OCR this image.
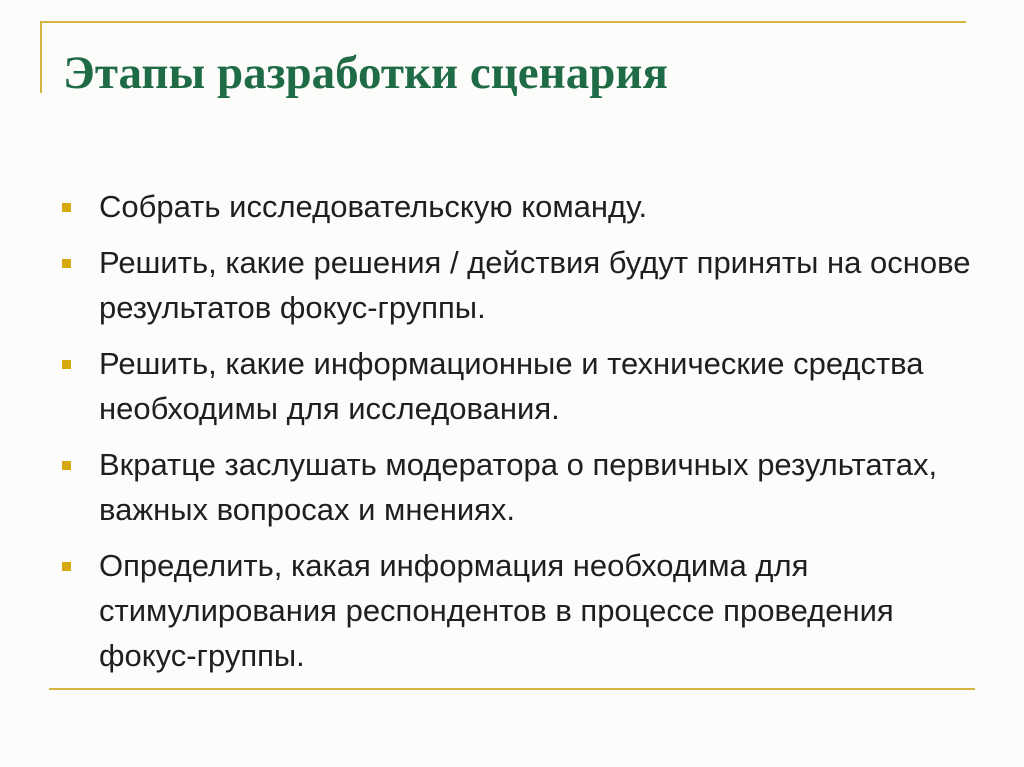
Этапы разработки сценария
Собрать исследовательскую команду.
Решить, какие решения / действия будут приняты на основе результатов фокус-группы.
Решить, какие информационные и технические средства необходимы для исследования.
Вкратце заслушать модератора о первичных результатах, важных вопросах и мнениях.
Определить, какая информация необходима для стимулирования респондентов в процессе проведения фокус-группы.
